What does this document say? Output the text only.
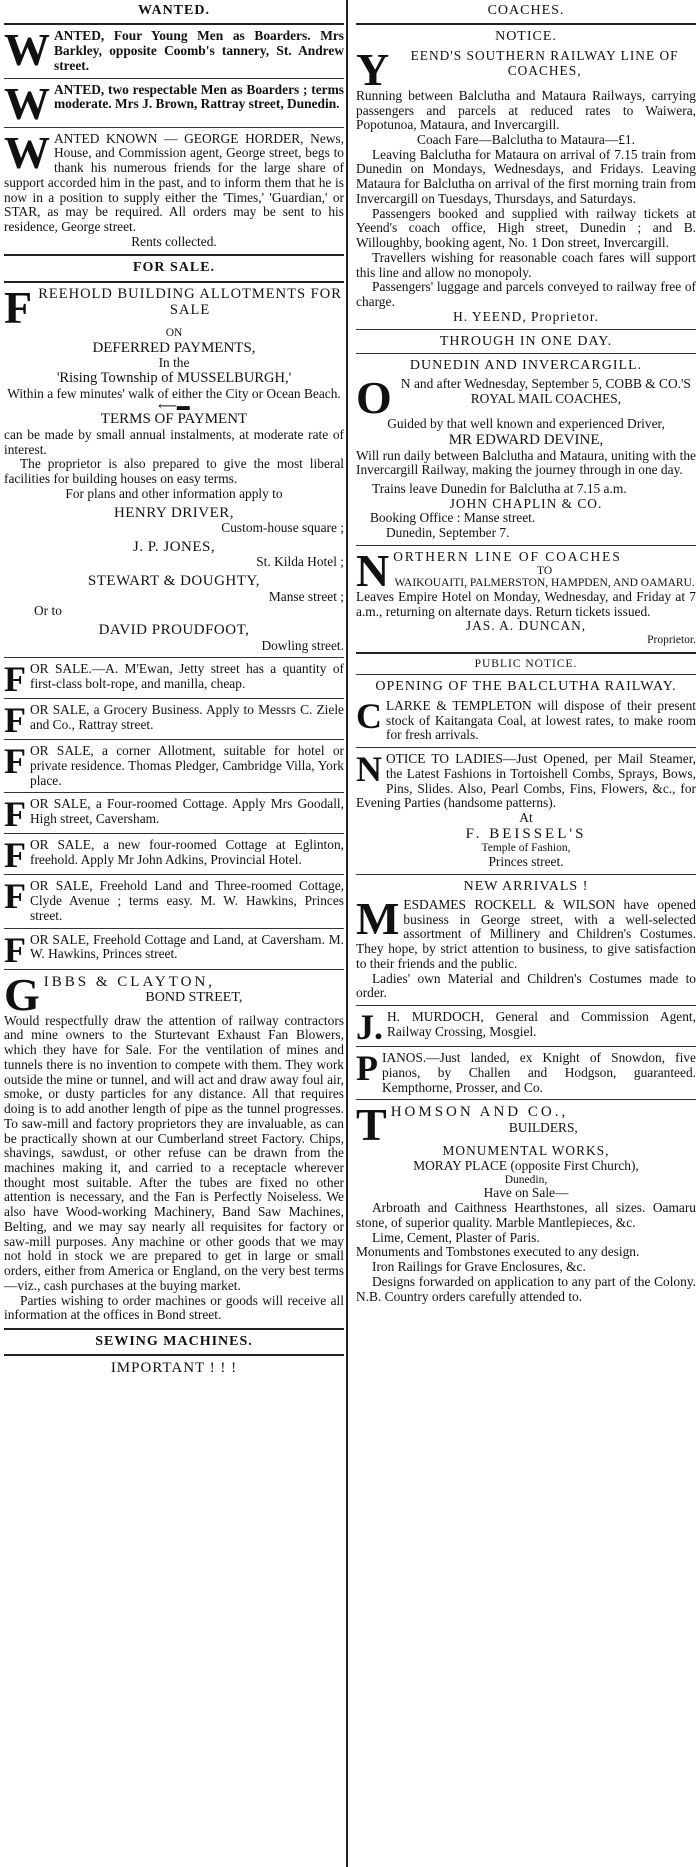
WANTED.
W ANTED, Four Young Men as Boarders. Mrs Barkley, opposite Coomb's tannery, St. Andrew street.
W ANTED, two respectable Men as Boarders ; terms moderate. Mrs J. Brown, Rattray street, Dunedin.
W ANTED KNOWN — GEORGE HORDER, News, House, and Commission agent, George street, begs to thank his numerous friends for the large share of support accorded him in the past, and to inform them that he is now in a position to supply either the 'Times,' 'Guardian,' or STAR, as may be required. All orders may be sent to his residence, George street.
Rents collected.
FOR SALE.
F REEHOLD BUILDING ALLOTMENTS FOR SALE
ON
DEFERRED PAYMENTS,
In the
'Rising Township of MUSSELBURGH,'
Within a few minutes' walk of either the City or Ocean Beach.
⟵▬
TERMS OF PAYMENT

can be made by small annual instalments, at moderate rate of interest.

The proprietor is also prepared to give the most liberal facilities for building houses on easy terms.

For plans and other information apply to

HENRY DRIVER,
Custom-house square ;
J. P. JONES,
St. Kilda Hotel ;
STEWART & DOUGHTY,
Manse street ;
Or to
DAVID PROUDFOOT,
Dowling street.
FOR SALE.—A. M'Ewan, Jetty street has a quantity of first-class bolt-rope, and manilla, cheap.
FOR SALE, a Grocery Business. Apply to Messrs C. Ziele and Co., Rattray street.
FOR SALE, a corner Allotment, suitable for hotel or private residence. Thomas Pledger, Cambridge Villa, York place.
FOR SALE, a Four-roomed Cottage. Apply Mrs Goodall, High street, Caversham.
FOR SALE, a new four-roomed Cottage at Eglinton, freehold. Apply Mr John Adkins, Provincial Hotel.
FOR SALE, Freehold Land and Three-roomed Cottage, Clyde Avenue ; terms easy. M. W. Hawkins, Princes street.
FOR SALE, Freehold Cottage and Land, at Caversham. M. W. Hawkins, Princes street.
G IBBS & CLAYTON,
BOND STREET,

Would respectfully draw the attention of railway contractors and mine owners to the Sturtevant Exhaust Fan Blowers, which they have for Sale. For the ventilation of mines and tunnels there is no invention to compete with them. They work outside the mine or tunnel, and will act and draw away foul air, smoke, or dusty particles for any distance. All that requires doing is to add another length of pipe as the tunnel progresses. To saw-mill and factory proprietors they are invaluable, as can be practically shown at our Cumberland street Factory. Chips, shavings, sawdust, or other refuse can be drawn from the machines making it, and carried to a receptacle wherever thought most suitable. After the tubes are fixed no other attention is necessary, and the Fan is Perfectly Noiseless. We also have Wood-working Machinery, Band Saw Machines, Belting, and we may say nearly all requisites for factory or saw-mill purposes. Any machine or other goods that we may not hold in stock we are prepared to get in large or small orders, either from America or England, on the very best terms—viz., cash purchases at the buying market.

Parties wishing to order machines or goods will receive all information at the offices in Bond street.

SEWING MACHINES.
IMPORTANT ! ! !
COACHES.
NOTICE.
Y	EEND'S SOUTHERN RAILWAY LINE OF COACHES,

Running between Balclutha and Mataura Railways, carrying passengers and parcels at reduced rates to Waiwera, Popotunoa, Mataura, and Invercargill.

Coach Fare—Balclutha to Mataura—£1.

Leaving Balclutha for Mataura on arrival of 7.15 train from Dunedin on Mondays, Wednesdays, and Fridays. Leaving Mataura for Balclutha on arrival of the first morning train from Invercargill on Tuesdays, Thursdays, and Saturdays.

Passengers booked and supplied with railway tickets at Yeend's coach office, High street, Dunedin ; and B. Willoughby, booking agent, No. 1 Don street, Invercargill.

Travellers wishing for reasonable coach fares will support this line and allow no monopoly.

Passengers' luggage and parcels conveyed to railway free of charge.

H. YEEND, Proprietor.
THROUGH IN ONE DAY.
DUNEDIN AND INVERCARGILL.
O N and after Wednesday, September 5, COBB & CO.'S ROYAL MAIL COACHES,
Guided by that well known and experienced Driver,
MR EDWARD DEVINE,

Will run daily between Balclutha and Mataura, uniting with the Invercargill Railway, making the journey through in one day.

Trains leave Dunedin for Balclutha at 7.15 a.m.

JOHN CHAPLIN & CO.
Booking Office : Manse street.
Dunedin, September 7.
N ORTHERN LINE OF COACHES
TO
WAIKOUAITI, PALMERSTON, HAMPDEN, AND OAMARU.

Leaves Empire Hotel on Monday, Wednesday, and Friday at 7 a.m., returning on alternate days. Return tickets issued.

JAS. A. DUNCAN,
Proprietor.
PUBLIC NOTICE.
OPENING OF THE BALCLUTHA RAILWAY.
CLARKE & TEMPLETON will dispose of their present stock of Kaitangata Coal, at lowest rates, to make room for fresh arrivals.
NOTICE TO LADIES—Just Opened, per Mail Steamer, the Latest Fashions in Tortoishell Combs, Sprays, Bows, Pins, Slides. Also, Pearl Combs, Fins, Flowers, &c., for Evening Parties (handsome patterns).
At
F. BEISSEL'S
Temple of Fashion,
Princes street.
NEW ARRIVALS !
MESDAMES ROCKELL & WILSON have opened business in George street, with a well-selected assortment of Millinery and Children's Costumes. They hope, by strict attention to business, to give satisfaction to their friends and the public.

Ladies' own Material and Children's Costumes made to order.

J. H. MURDOCH, General and Commission Agent, Railway Crossing, Mosgiel.
PIANOS.—Just landed, ex Knight of Snowdon, five pianos, by Challen and Hodgson, guaranteed. Kempthorne, Prosser, and Co.
T HOMSON AND CO.,
BUILDERS,
MONUMENTAL WORKS,
MORAY PLACE (opposite First Church),
Dunedin,
Have on Sale—

Arbroath and Caithness Hearthstones, all sizes. Oamaru stone, of superior quality. Marble Mantlepieces, &c.

Lime, Cement, Plaster of Paris.

Monuments and Tombstones executed to any design.

Iron Railings for Grave Enclosures, &c.

Designs forwarded on application to any part of the Colony. N.B. Country orders carefully attended to.
